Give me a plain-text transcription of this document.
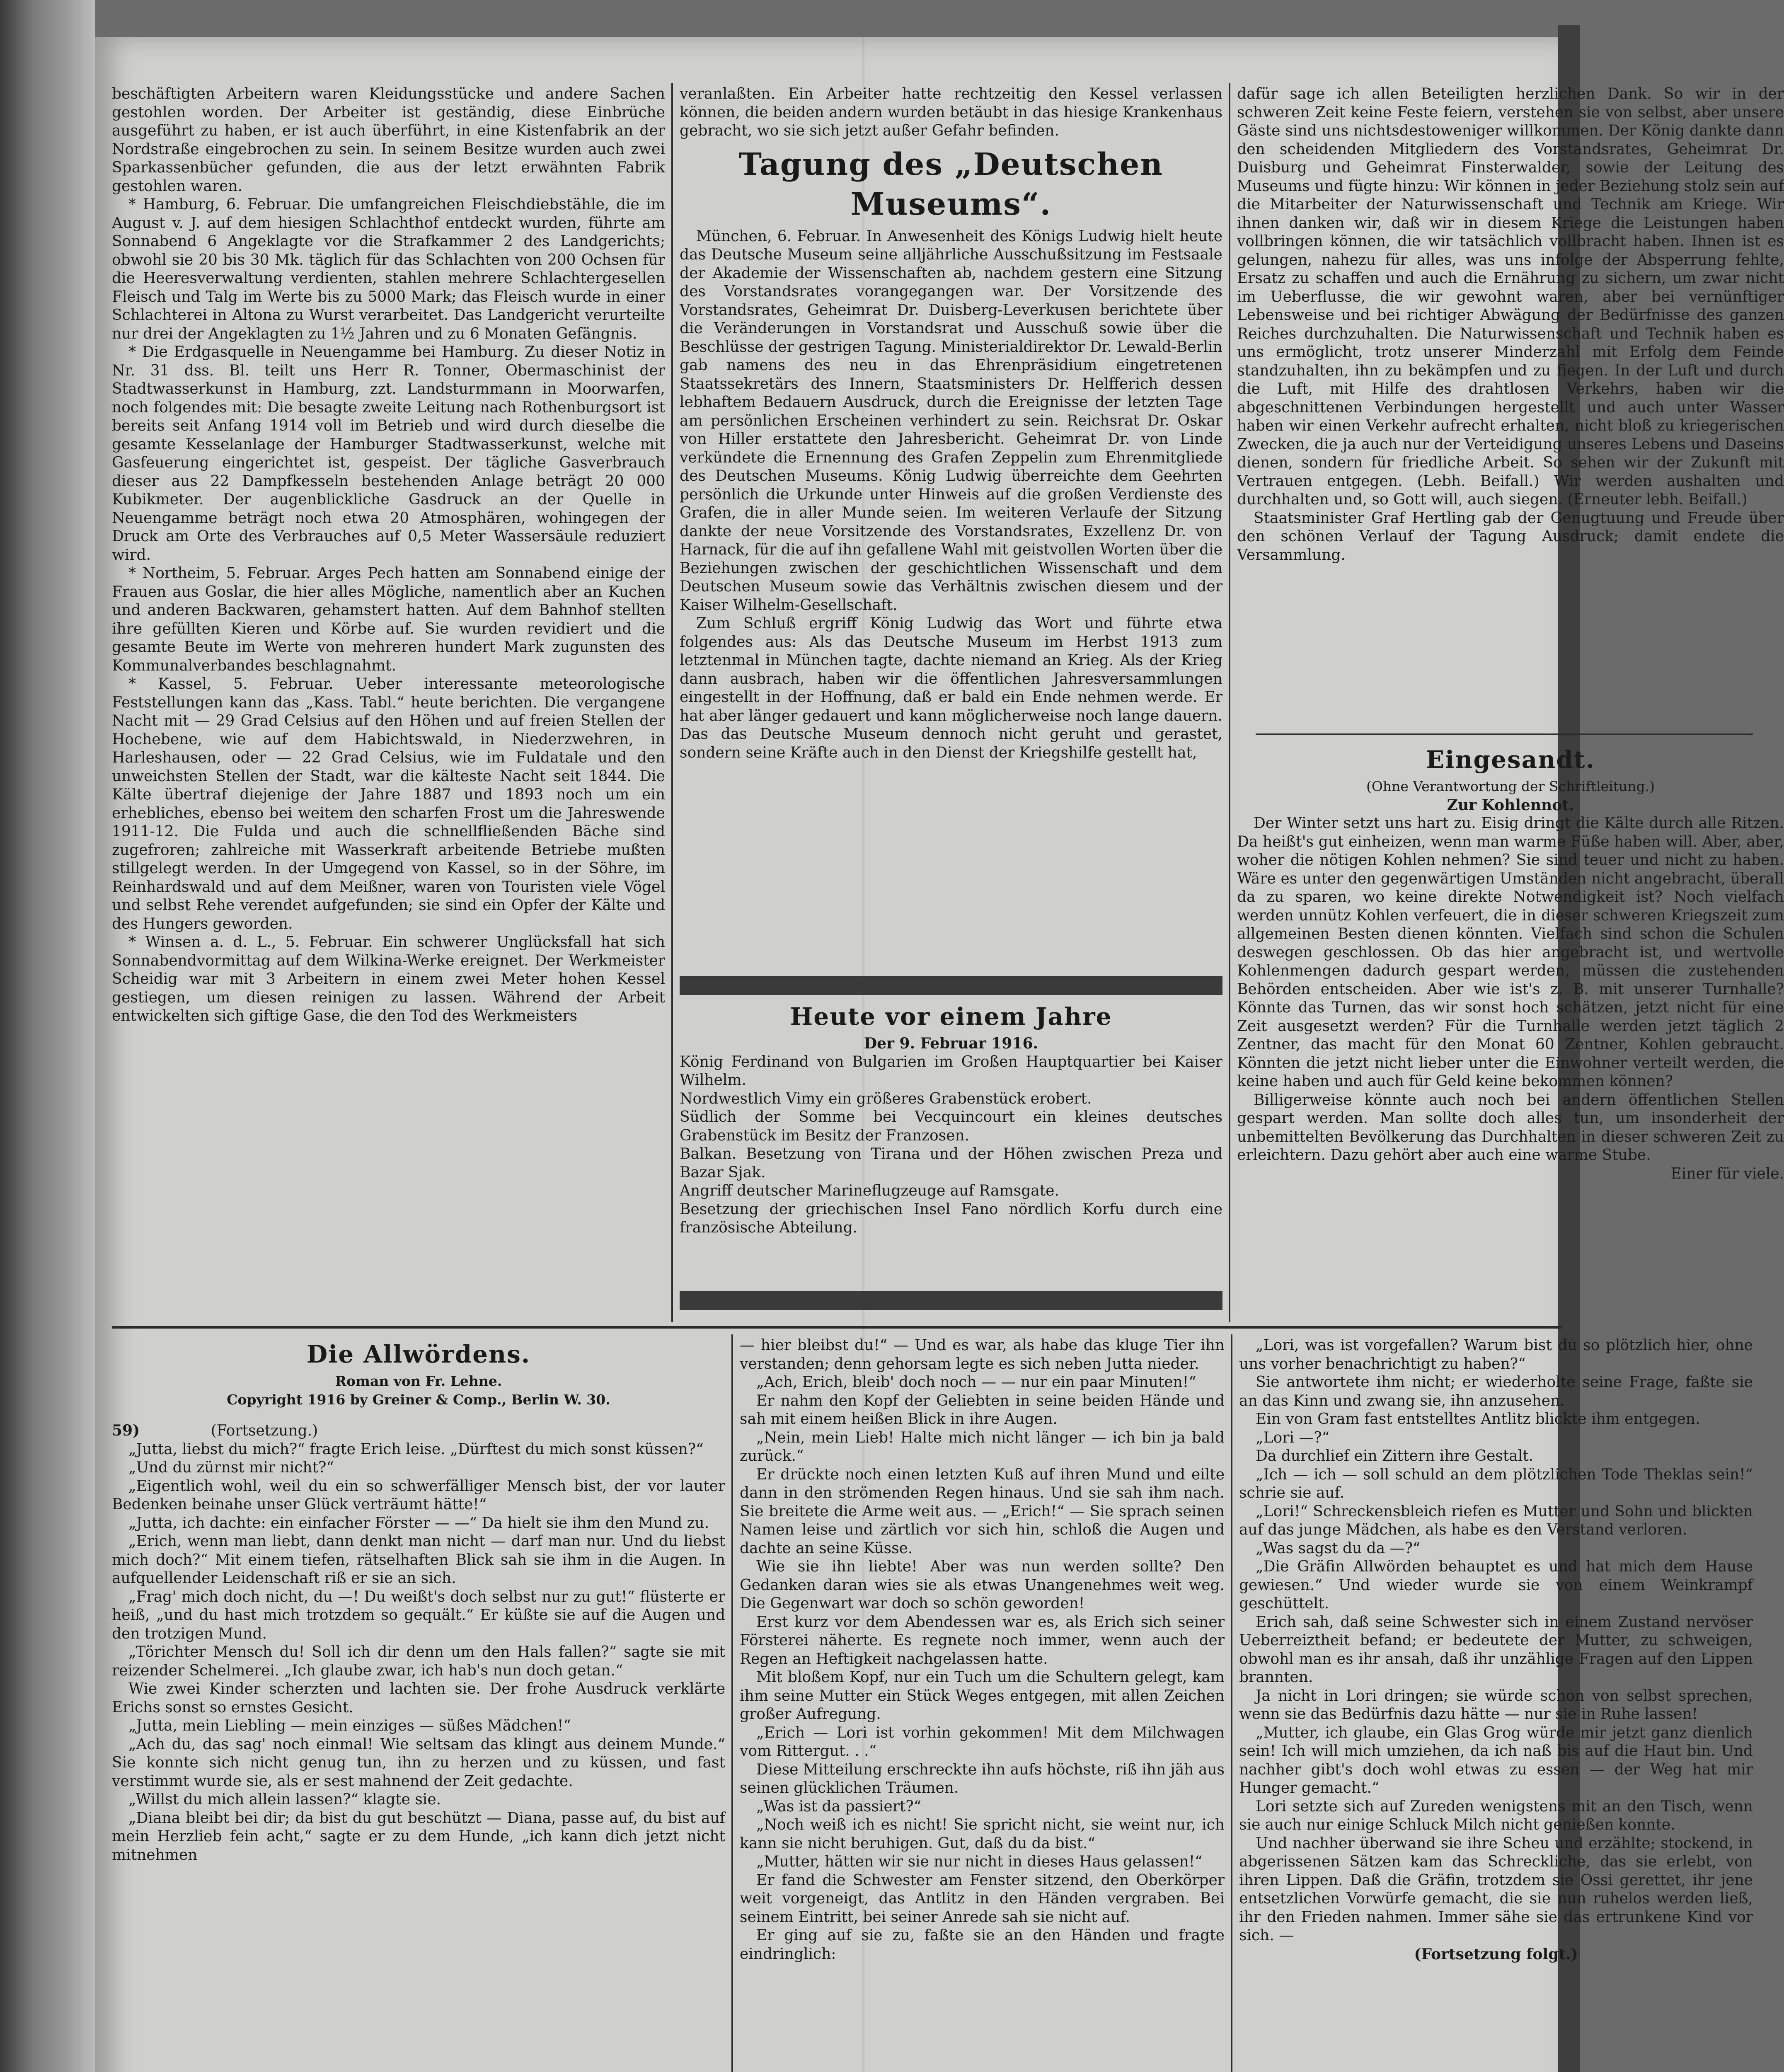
beschäftigten Arbeitern waren Kleidungsstücke und andere Sachen gestohlen worden. Der Arbeiter ist geständig, diese Einbrüche ausgeführt zu haben, er ist auch überführt, in eine Kistenfabrik an der Nordstraße eingebrochen zu sein. In seinem Besitze wurden auch zwei Sparkassenbücher gefunden, die aus der letzt erwähnten Fabrik gestohlen waren.

* Hamburg, 6. Februar. Die umfangreichen Fleischdiebstähle, die im August v. J. auf dem hiesigen Schlachthof entdeckt wurden, führte am Sonnabend 6 Angeklagte vor die Strafkammer 2 des Landgerichts; obwohl sie 20 bis 30 Mk. täglich für das Schlachten von 200 Ochsen für die Heeresverwaltung verdienten, stahlen mehrere Schlachtergesellen Fleisch und Talg im Werte bis zu 5000 Mark; das Fleisch wurde in einer Schlachterei in Altona zu Wurst verarbeitet. Das Landgericht verurteilte nur drei der Angeklagten zu 1½ Jahren und zu 6 Monaten Gefängnis.

* Die Erdgasquelle in Neuengamme bei Hamburg. Zu dieser Notiz in Nr. 31 dss. Bl. teilt uns Herr R. Tonner, Obermaschinist der Stadtwasserkunst in Hamburg, zzt. Landsturmmann in Moorwarfen, noch folgendes mit: Die besagte zweite Leitung nach Rothenburgsort ist bereits seit Anfang 1914 voll im Betrieb und wird durch dieselbe die gesamte Kesselanlage der Hamburger Stadtwasserkunst, welche mit Gasfeuerung eingerichtet ist, gespeist. Der tägliche Gasverbrauch dieser aus 22 Dampfkesseln bestehenden Anlage beträgt 20 000 Kubikmeter. Der augenblickliche Gasdruck an der Quelle in Neuengamme beträgt noch etwa 20 Atmosphären, wohingegen der Druck am Orte des Verbrauches auf 0,5 Meter Wassersäule reduziert wird.

* Northeim, 5. Februar. Arges Pech hatten am Sonnabend einige der Frauen aus Goslar, die hier alles Mögliche, namentlich aber an Kuchen und anderen Backwaren, gehamstert hatten. Auf dem Bahnhof stellten ihre gefüllten Kieren und Körbe auf. Sie wurden revidiert und die gesamte Beute im Werte von mehreren hundert Mark zugunsten des Kommunalverbandes beschlagnahmt.

* Kassel, 5. Februar. Ueber interessante meteorologische Feststellungen kann das „Kass. Tabl.“ heute berichten. Die vergangene Nacht mit — 29 Grad Celsius auf den Höhen und auf freien Stellen der Hochebene, wie auf dem Habichtswald, in Niederzwehren, in Harleshausen, oder — 22 Grad Celsius, wie im Fuldatale und den unweichsten Stellen der Stadt, war die kälteste Nacht seit 1844. Die Kälte übertraf diejenige der Jahre 1887 und 1893 noch um ein erhebliches, ebenso bei weitem den scharfen Frost um die Jahreswende 1911-12. Die Fulda und auch die schnellfließenden Bäche sind zugefroren; zahlreiche mit Wasserkraft arbeitende Betriebe mußten stillgelegt werden. In der Umgegend von Kassel, so in der Söhre, im Reinhardswald und auf dem Meißner, waren von Touristen viele Vögel und selbst Rehe verendet aufgefunden; sie sind ein Opfer der Kälte und des Hungers geworden.

* Winsen a. d. L., 5. Februar. Ein schwerer Unglücksfall hat sich Sonnabendvormittag auf dem Wilkina-Werke ereignet. Der Werkmeister Scheidig war mit 3 Arbeitern in einem zwei Meter hohen Kessel gestiegen, um diesen reinigen zu lassen. Während der Arbeit entwickelten sich giftige Gase, die den Tod des Werkmeisters

veranlaßten. Ein Arbeiter hatte rechtzeitig den Kessel verlassen können, die beiden andern wurden betäubt in das hiesige Krankenhaus gebracht, wo sie sich jetzt außer Gefahr befinden.

Tagung des „Deutschen Museums“.

München, 6. Februar. In Anwesenheit des Königs Ludwig hielt heute das Deutsche Museum seine alljährliche Ausschußsitzung im Festsaale der Akademie der Wissenschaften ab, nachdem gestern eine Sitzung des Vorstandsrates vorangegangen war. Der Vorsitzende des Vorstandsrates, Geheimrat Dr. Duisberg-Leverkusen berichtete über die Veränderungen in Vorstandsrat und Ausschuß sowie über die Beschlüsse der gestrigen Tagung. Ministerialdirektor Dr. Lewald-Berlin gab namens des neu in das Ehrenpräsidium eingetretenen Staatssekretärs des Innern, Staatsministers Dr. Helfferich dessen lebhaftem Bedauern Ausdruck, durch die Ereignisse der letzten Tage am persönlichen Erscheinen verhindert zu sein. Reichsrat Dr. Oskar von Hiller erstattete den Jahresbericht. Geheimrat Dr. von Linde verkündete die Ernennung des Grafen Zeppelin zum Ehrenmitgliede des Deutschen Museums. König Ludwig überreichte dem Geehrten persönlich die Urkunde unter Hinweis auf die großen Verdienste des Grafen, die in aller Munde seien. Im weiteren Verlaufe der Sitzung dankte der neue Vorsitzende des Vorstandsrates, Exzellenz Dr. von Harnack, für die auf ihn gefallene Wahl mit geistvollen Worten über die Beziehungen zwischen der geschichtlichen Wissenschaft und dem Deutschen Museum sowie das Verhältnis zwischen diesem und der Kaiser Wilhelm-Gesellschaft.

Zum Schluß ergriff König Ludwig das Wort und führte etwa folgendes aus: Als das Deutsche Museum im Herbst 1913 zum letztenmal in München tagte, dachte niemand an Krieg. Als der Krieg dann ausbrach, haben wir die öffentlichen Jahresversammlungen eingestellt in der Hoffnung, daß er bald ein Ende nehmen werde. Er hat aber länger gedauert und kann möglicherweise noch lange dauern. Das das Deutsche Museum dennoch nicht geruht und gerastet, sondern seine Kräfte auch in den Dienst der Kriegshilfe gestellt hat,

Heute vor einem Jahre
Der 9. Februar 1916.

König Ferdinand von Bulgarien im Großen Hauptquartier bei Kaiser Wilhelm.

Nordwestlich Vimy ein größeres Grabenstück erobert.

Südlich der Somme bei Vecquincourt ein kleines deutsches Grabenstück im Besitz der Franzosen.

Balkan. Besetzung von Tirana und der Höhen zwischen Preza und Bazar Sjak.

Angriff deutscher Marineflugzeuge auf Ramsgate.

Besetzung der griechischen Insel Fano nördlich Korfu durch eine französische Abteilung.

dafür sage ich allen Beteiligten herzlichen Dank. So wir in der schweren Zeit keine Feste feiern, verstehen sie von selbst, aber unsere Gäste sind uns nichtsdestoweniger willkommen. Der König dankte dann den scheidenden Mitgliedern des Vorstandsrates, Geheimrat Dr. Duisburg und Geheimrat Finsterwalder, sowie der Leitung des Museums und fügte hinzu: Wir können in jeder Beziehung stolz sein auf die Mitarbeiter der Naturwissenschaft und Technik am Kriege. Wir ihnen danken wir, daß wir in diesem Kriege die Leistungen haben vollbringen können, die wir tatsächlich vollbracht haben. Ihnen ist es gelungen, nahezu für alles, was uns infolge der Absperrung fehlte, Ersatz zu schaffen und auch die Ernährung zu sichern, um zwar nicht im Ueberflusse, die wir gewohnt waren, aber bei vernünftiger Lebensweise und bei richtiger Abwägung der Bedürfnisse des ganzen Reiches durchzuhalten. Die Naturwissenschaft und Technik haben es uns ermöglicht, trotz unserer Minderzahl mit Erfolg dem Feinde standzuhalten, ihn zu bekämpfen und zu fiegen. In der Luft und durch die Luft, mit Hilfe des drahtlosen Verkehrs, haben wir die abgeschnittenen Verbindungen hergestellt und auch unter Wasser haben wir einen Verkehr aufrecht erhalten, nicht bloß zu kriegerischen Zwecken, die ja auch nur der Verteidigung unseres Lebens und Daseins dienen, sondern für friedliche Arbeit. So sehen wir der Zukunft mit Vertrauen entgegen. (Lebh. Beifall.) Wir werden aushalten und durchhalten und, so Gott will, auch siegen. (Erneuter lebh. Beifall.)

Staatsminister Graf Hertling gab der Genugtuung und Freude über den schönen Verlauf der Tagung Ausdruck; damit endete die Versammlung.

Eingesandt.
(Ohne Verantwortung der Schriftleitung.)
Zur Kohlennot.

Der Winter setzt uns hart zu. Eisig dringt die Kälte durch alle Ritzen. Da heißt's gut einheizen, wenn man warme Füße haben will. Aber, aber, woher die nötigen Kohlen nehmen? Sie sind teuer und nicht zu haben. Wäre es unter den gegenwärtigen Umständen nicht angebracht, überall da zu sparen, wo keine direkte Notwendigkeit ist? Noch vielfach werden unnütz Kohlen verfeuert, die in dieser schweren Kriegszeit zum allgemeinen Besten dienen könnten. Vielfach sind schon die Schulen deswegen geschlossen. Ob das hier angebracht ist, und wertvolle Kohlenmengen dadurch gespart werden, müssen die zustehenden Behörden entscheiden. Aber wie ist's z. B. mit unserer Turnhalle? Könnte das Turnen, das wir sonst hoch schätzen, jetzt nicht für eine Zeit ausgesetzt werden? Für die Turnhalle werden jetzt täglich 2 Zentner, das macht für den Monat 60 Zentner, Kohlen gebraucht. Könnten die jetzt nicht lieber unter die Einwohner verteilt werden, die keine haben und auch für Geld keine bekommen können?

Billigerweise könnte auch noch bei andern öffentlichen Stellen gespart werden. Man sollte doch alles tun, um insonderheit der unbemittelten Bevölkerung das Durchhalten in dieser schweren Zeit zu erleichtern. Dazu gehört aber auch eine warme Stube.

Einer für viele.
Die Allwördens.
Roman von Fr. Lehne.
Copyright 1916 by Greiner & Comp., Berlin W. 30.
59)	(Fortsetzung.)

„Jutta, liebst du mich?“ fragte Erich leise. „Dürftest du mich sonst küssen?“

„Und du zürnst mir nicht?“

„Eigentlich wohl, weil du ein so schwerfälliger Mensch bist, der vor lauter Bedenken beinahe unser Glück verträumt hätte!“

„Jutta, ich dachte: ein einfacher Förster — —“ Da hielt sie ihm den Mund zu.

„Erich, wenn man liebt, dann denkt man nicht — darf man nur. Und du liebst mich doch?“ Mit einem tiefen, rätselhaften Blick sah sie ihm in die Augen. In aufquellender Leidenschaft riß er sie an sich.

„Frag' mich doch nicht, du —! Du weißt's doch selbst nur zu gut!“ flüsterte er heiß, „und du hast mich trotzdem so gequält.“ Er küßte sie auf die Augen und den trotzigen Mund.

„Törichter Mensch du! Soll ich dir denn um den Hals fallen?“ sagte sie mit reizender Schelmerei. „Ich glaube zwar, ich hab's nun doch getan.“

Wie zwei Kinder scherzten und lachten sie. Der frohe Ausdruck verklärte Erichs sonst so ernstes Gesicht.

„Jutta, mein Liebling — mein einziges — süßes Mädchen!“

„Ach du, das sag' noch einmal! Wie seltsam das klingt aus deinem Munde.“ Sie konnte sich nicht genug tun, ihn zu herzen und zu küssen, und fast verstimmt wurde sie, als er sest mahnend der Zeit gedachte.

„Willst du mich allein lassen?“ klagte sie.

„Diana bleibt bei dir; da bist du gut beschützt — Diana, passe auf, du bist auf mein Herzlieb fein acht,“ sagte er zu dem Hunde, „ich kann dich jetzt nicht mitnehmen

— hier bleibst du!“ — Und es war, als habe das kluge Tier ihn verstanden; denn gehorsam legte es sich neben Jutta nieder.

„Ach, Erich, bleib' doch noch — — nur ein paar Minuten!“

Er nahm den Kopf der Geliebten in seine beiden Hände und sah mit einem heißen Blick in ihre Augen.

„Nein, mein Lieb! Halte mich nicht länger — ich bin ja bald zurück.“

Er drückte noch einen letzten Kuß auf ihren Mund und eilte dann in den strömenden Regen hinaus. Und sie sah ihm nach. Sie breitete die Arme weit aus. — „Erich!“ — Sie sprach seinen Namen leise und zärtlich vor sich hin, schloß die Augen und dachte an seine Küsse.

Wie sie ihn liebte! Aber was nun werden sollte? Den Gedanken daran wies sie als etwas Unangenehmes weit weg. Die Gegenwart war doch so schön geworden!

Erst kurz vor dem Abendessen war es, als Erich sich seiner Försterei näherte. Es regnete noch immer, wenn auch der Regen an Heftigkeit nachgelassen hatte.

Mit bloßem Kopf, nur ein Tuch um die Schultern gelegt, kam ihm seine Mutter ein Stück Weges entgegen, mit allen Zeichen großer Aufregung.

„Erich — Lori ist vorhin gekommen! Mit dem Milchwagen vom Rittergut. . .“

Diese Mitteilung erschreckte ihn aufs höchste, riß ihn jäh aus seinen glücklichen Träumen.

„Was ist da passiert?“

„Noch weiß ich es nicht! Sie spricht nicht, sie weint nur, ich kann sie nicht beruhigen. Gut, daß du da bist.“

„Mutter, hätten wir sie nur nicht in dieses Haus gelassen!“

Er fand die Schwester am Fenster sitzend, den Oberkörper weit vorgeneigt, das Antlitz in den Händen vergraben. Bei seinem Eintritt, bei seiner Anrede sah sie nicht auf.

Er ging auf sie zu, faßte sie an den Händen und fragte eindringlich:

„Lori, was ist vorgefallen? Warum bist du so plötzlich hier, ohne uns vorher benachrichtigt zu haben?“

Sie antwortete ihm nicht; er wiederholte seine Frage, faßte sie an das Kinn und zwang sie, ihn anzusehen.

Ein von Gram fast entstelltes Antlitz blickte ihm entgegen.

„Lori —?“

Da durchlief ein Zittern ihre Gestalt.

„Ich — ich — soll schuld an dem plötzlichen Tode Theklas sein!“ schrie sie auf.

„Lori!“ Schreckensbleich riefen es Mutter und Sohn und blickten auf das junge Mädchen, als habe es den Verstand verloren.

„Was sagst du da —?“

„Die Gräfin Allwörden behauptet es und hat mich dem Hause gewiesen.“ Und wieder wurde sie von einem Weinkrampf geschüttelt.

Erich sah, daß seine Schwester sich in einem Zustand nervöser Ueberreiztheit befand; er bedeutete der Mutter, zu schweigen, obwohl man es ihr ansah, daß ihr unzählige Fragen auf den Lippen brannten.

Ja nicht in Lori dringen; sie würde schon von selbst sprechen, wenn sie das Bedürfnis dazu hätte — nur sie in Ruhe lassen!

„Mutter, ich glaube, ein Glas Grog würde mir jetzt ganz dienlich sein! Ich will mich umziehen, da ich naß bis auf die Haut bin. Und nachher gibt's doch wohl etwas zu essen — der Weg hat mir Hunger gemacht.“

Lori setzte sich auf Zureden wenigstens mit an den Tisch, wenn sie auch nur einige Schluck Milch nicht genießen konnte.

Und nachher überwand sie ihre Scheu und erzählte; stockend, in abgerissenen Sätzen kam das Schreckliche, das sie erlebt, von ihren Lippen. Daß die Gräfin, trotzdem sie Ossi gerettet, ihr jene entsetzlichen Vorwürfe gemacht, die sie nun ruhelos werden ließ, ihr den Frieden nahmen. Immer sähe sie das ertrunkene Kind vor sich. —

(Fortsetzung folgt.)
